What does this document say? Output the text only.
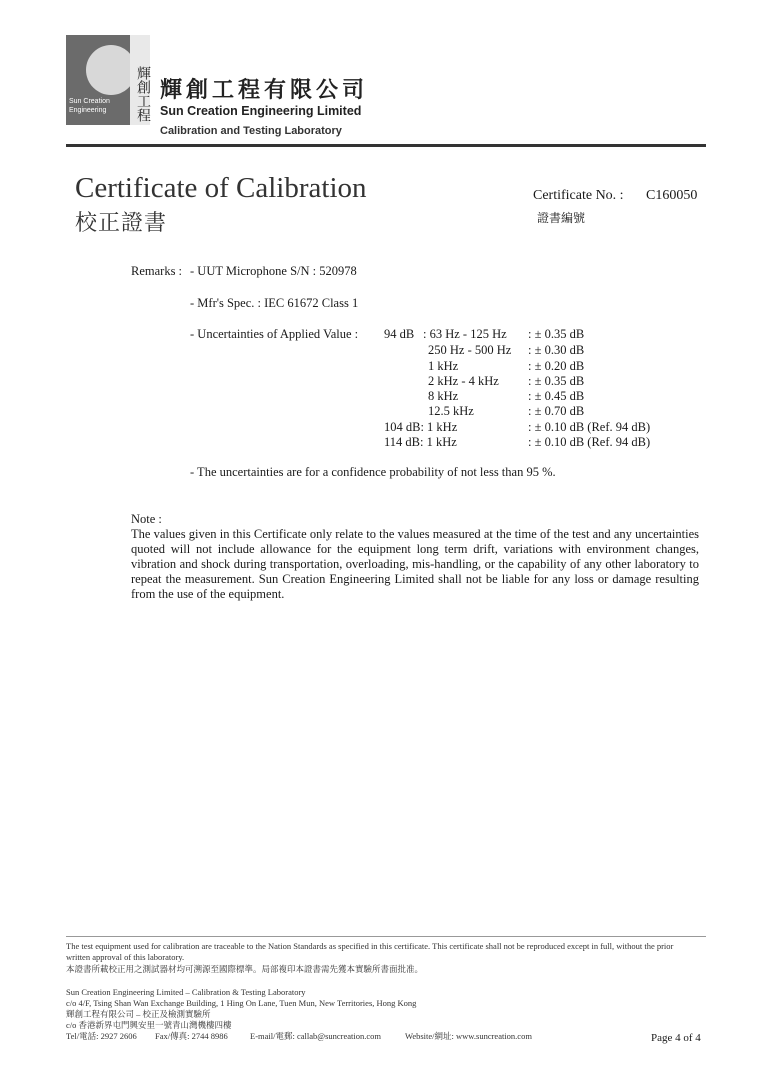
Sun Creation Engineering	輝創工程 輝創工程有限公司
Sun Creation Engineering Limited
Calibration and Testing Laboratory
Certificate of Calibration
校正證書
Certificate No. : C160050
證書編號
Remarks : - UUT Microphone S/N : 520978
- Mfr's Spec. : IEC 61672 Class 1
- Uncertainties of Applied Value : 94 dB : 63 Hz - 125 Hz : ± 0.35 dB
250 Hz - 500 Hz : ± 0.30 dB
1 kHz	: ± 0.20 dB
2 kHz - 4 kHz : ± 0.35 dB
8 kHz	: ± 0.45 dB
12.5 kHz	: ± 0.70 dB
104 dB: 1 kHz	: ± 0.10 dB (Ref. 94 dB)
114 dB: 1 kHz	: ± 0.10 dB (Ref. 94 dB)
- The uncertainties are for a confidence probability of not less than 95 %.
Note :
The values given in this Certificate only relate to the values measured at the time of the test and any uncertainties quoted will not include allowance for the equipment long term drift, variations with environment changes, vibration and shock during transportation, overloading, mis-handling, or the capability of any other laboratory to repeat the measurement. Sun Creation Engineering Limited shall not be liable for any loss or damage resulting from the use of the equipment.
The test equipment used for calibration are traceable to the Nation Standards as specified in this certificate. This certificate shall not be reproduced except in full, without the prior
written approval of this laboratory.
本證書所載校正用之測試器材均可溯源至國際標準。局部複印本證書需先獲本實驗所書面批准。
Sun Creation Engineering Limited – Calibration & Testing Laboratory
c/o 4/F, Tsing Shan Wan Exchange Building, 1 Hing On Lane, Tuen Mun, New Territories, Hong Kong
輝創工程有限公司 – 校正及檢測實驗所
c/o 香港新界屯門興安里一號青山灣機樓四樓
Tel/電話: 2927 2606 Fax/傳真: 2744 8986	E-mail/電郵: callab@suncreation.com	Website/網址: www.suncreation.com	Page 4 of 4
